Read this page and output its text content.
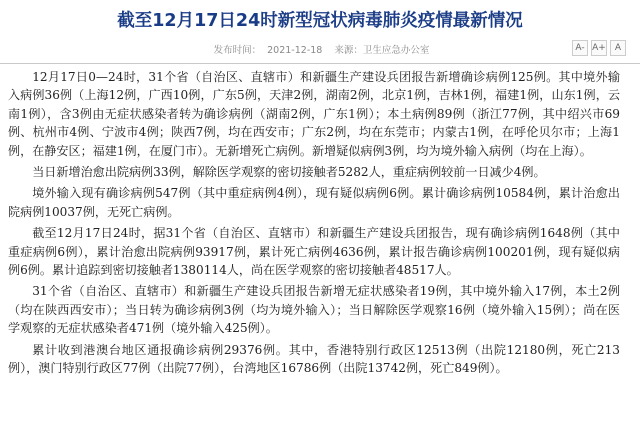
截至12月17日24时新型冠状病毒肺炎疫情最新情况
发布时间： 2021-12-18 来源：卫生应急办公室	A- A+	A

12月17日0—24时，31个省（自治区、直辖市）和新疆生产建设兵团报告新增确诊病例125例。其中境外输入病例36例（上海12例，广西10例，广东5例，天津2例，湖南2例，北京1例，吉林1例，福建1例，山东1例，云南1例），含3例由无症状感染者转为确诊病例（湖南2例，广东1例）；本土病例89例（浙江77例，其中绍兴市69例、杭州市4例、宁波市4例；陕西7例，均在西安市；广东2例，均在东莞市；内蒙古1例，在呼伦贝尔市；上海1例，在静安区；福建1例，在厦门市）。无新增死亡病例。新增疑似病例3例，均为境外输入病例（均在上海）。

当日新增治愈出院病例33例，解除医学观察的密切接触者5282人，重症病例较前一日减少4例。

境外输入现有确诊病例547例（其中重症病例4例），现有疑似病例6例。累计确诊病例10584例，累计治愈出院病例10037例，无死亡病例。

截至12月17日24时，据31个省（自治区、直辖市）和新疆生产建设兵团报告，现有确诊病例1648例（其中重症病例6例），累计治愈出院病例93917例，累计死亡病例4636例，累计报告确诊病例100201例，现有疑似病例6例。累计追踪到密切接触者1380114人，尚在医学观察的密切接触者48517人。

31个省（自治区、直辖市）和新疆生产建设兵团报告新增无症状感染者19例，其中境外输入17例，本土2例（均在陕西西安市）；当日转为确诊病例3例（均为境外输入）；当日解除医学观察16例（境外输入15例）；尚在医学观察的无症状感染者471例（境外输入425例）。

累计收到港澳台地区通报确诊病例29376例。其中，香港特别行政区12513例（出院12180例，死亡213例），澳门特别行政区77例（出院77例），台湾地区16786例（出院13742例，死亡849例）。
